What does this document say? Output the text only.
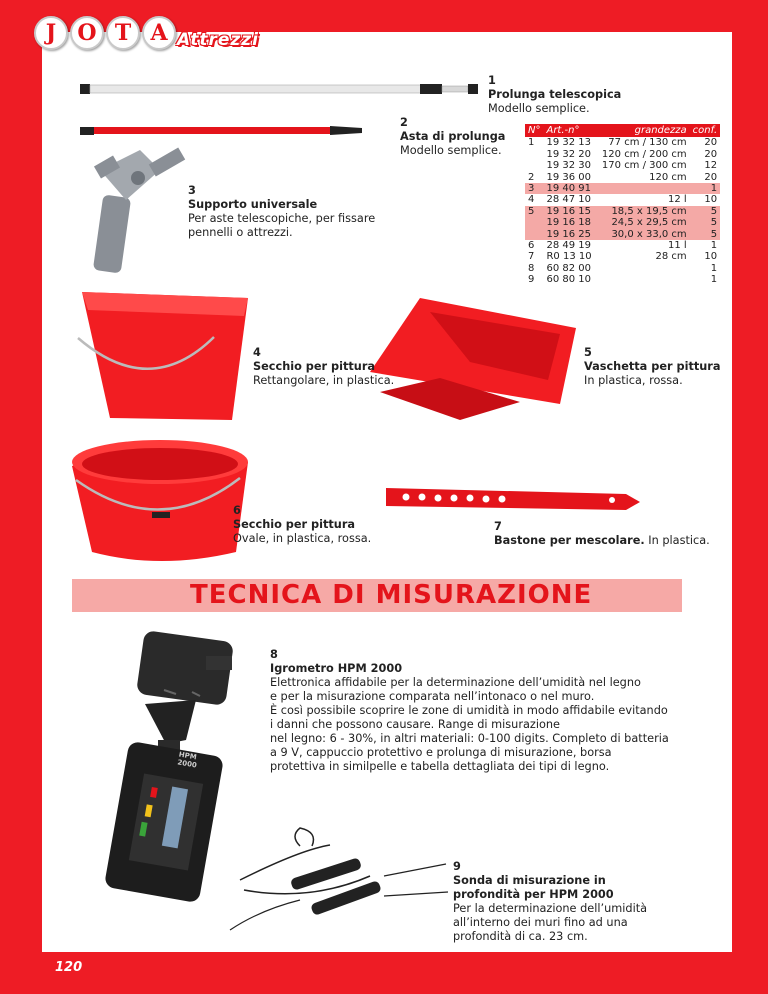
J O T A Attrezzi
1
Prolunga telescopica
Modello semplice.
2
Asta di prolunga
Modello semplice.
3
Supporto universale
Per aste telescopiche, per fissare pennelli o attrezzi.
4
Secchio per pittura
Rettangolare, in plastica.
5
Vaschetta per pittura
In plastica, rossa.
6
Secchio per pittura
Ovale, in plastica, rossa.
7
Bastone per mescolare. In plastica.
N°	Art.-n°	grandezza	conf.
1	19 32 13	77 cm / 130 cm	20
	19 32 20	120 cm / 200 cm	20
	19 32 30	170 cm / 300 cm	12
2	19 36 00	120 cm	20
3	19 40 91		1
4	28 47 10	12 l	10
5	19 16 15	18,5 x 19,5 cm	5
	19 16 18	24,5 x 29,5 cm	5
	19 16 25	30,0 x 33,0 cm	5
6	28 49 19	11 l	1
7	R0 13 10	28 cm	10
8	60 82 00		1
9	60 80 10		1
TECNICA DI MISURAZIONE
8
Igrometro HPM 2000
Elettronica affidabile per la determinazione dell’umidità nel legno
e per la misurazione comparata nell’intonaco o nel muro.
È così possibile scoprire le zone di umidità in modo affidabile evitando
i danni che possono causare. Range di misurazione
nel legno: 6 - 30%, in altri materiali: 0-100 digits. Completo di batteria
a 9 V, cappuccio protettivo e prolunga di misurazione, borsa
protettiva in similpelle e tabella dettagliata dei tipi di legno.
9
Sonda di misurazione in
profondità per HPM 2000
Per la determinazione dell’umidità
all’interno dei muri fino ad una
profondità di ca. 23 cm.
HPM
2000
120
